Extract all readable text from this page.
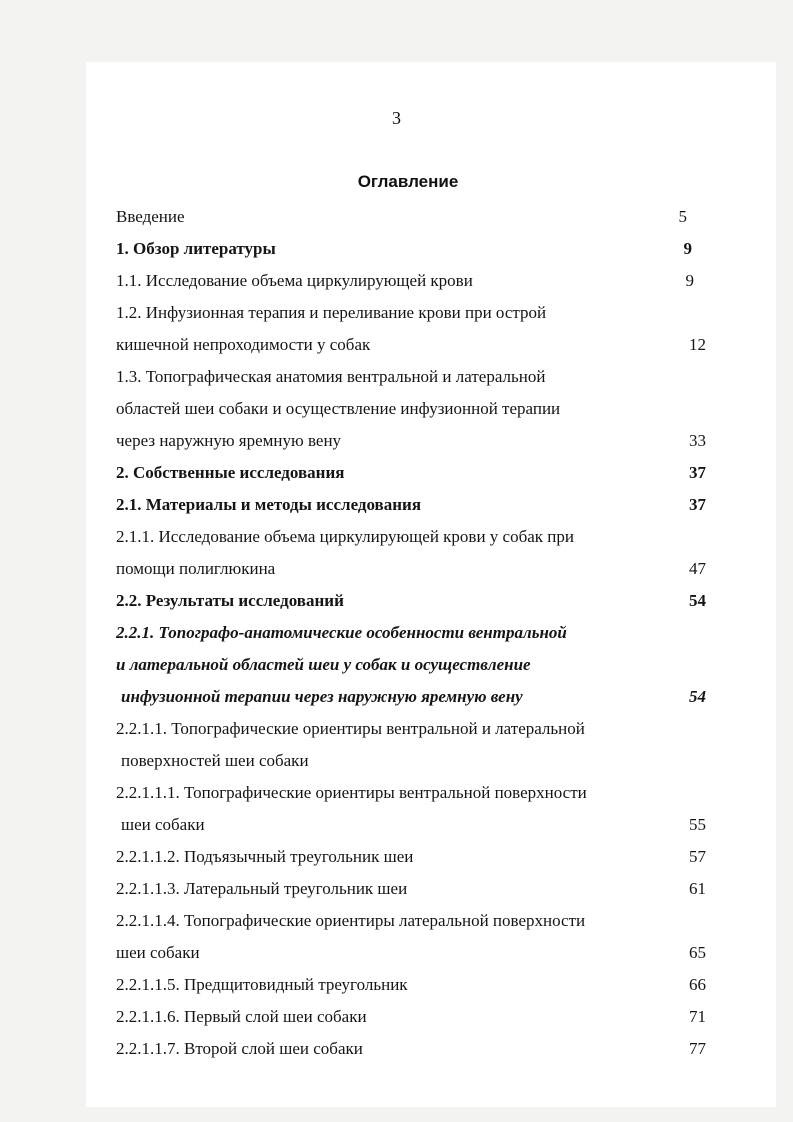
3
Оглавление
Введение	5
1. Обзор литературы	9
1.1. Исследование объема циркулирующей крови	9
1.2. Инфузионная терапия и переливание крови при острой
кишечной непроходимости у собак	12
1.3. Топографическая анатомия вентральной и латеральной
областей шеи собаки и осуществление инфузионной терапии
через наружную яремную вену	33
2. Собственные исследования	37
2.1. Материалы и методы исследования	37
2.1.1. Исследование объема циркулирующей крови у собак при
помощи полиглюкина	47
2.2. Результаты исследований	54
2.2.1. Топографо-анатомические особенности вентральной
и латеральной областей шеи у собак и осуществление
инфузионной терапии через наружную яремную вену	54
2.2.1.1. Топографические ориентиры вентральной и латеральной
поверхностей шеи собаки
2.2.1.1.1. Топографические ориентиры вентральной поверхности
шеи собаки	55
2.2.1.1.2. Подъязычный треугольник шеи	57
2.2.1.1.3. Латеральный треугольник шеи	61
2.2.1.1.4. Топографические ориентиры латеральной поверхности
шеи собаки	65
2.2.1.1.5. Предщитовидный треугольник	66
2.2.1.1.6. Первый слой шеи собаки	71
2.2.1.1.7. Второй слой шеи собаки	77
